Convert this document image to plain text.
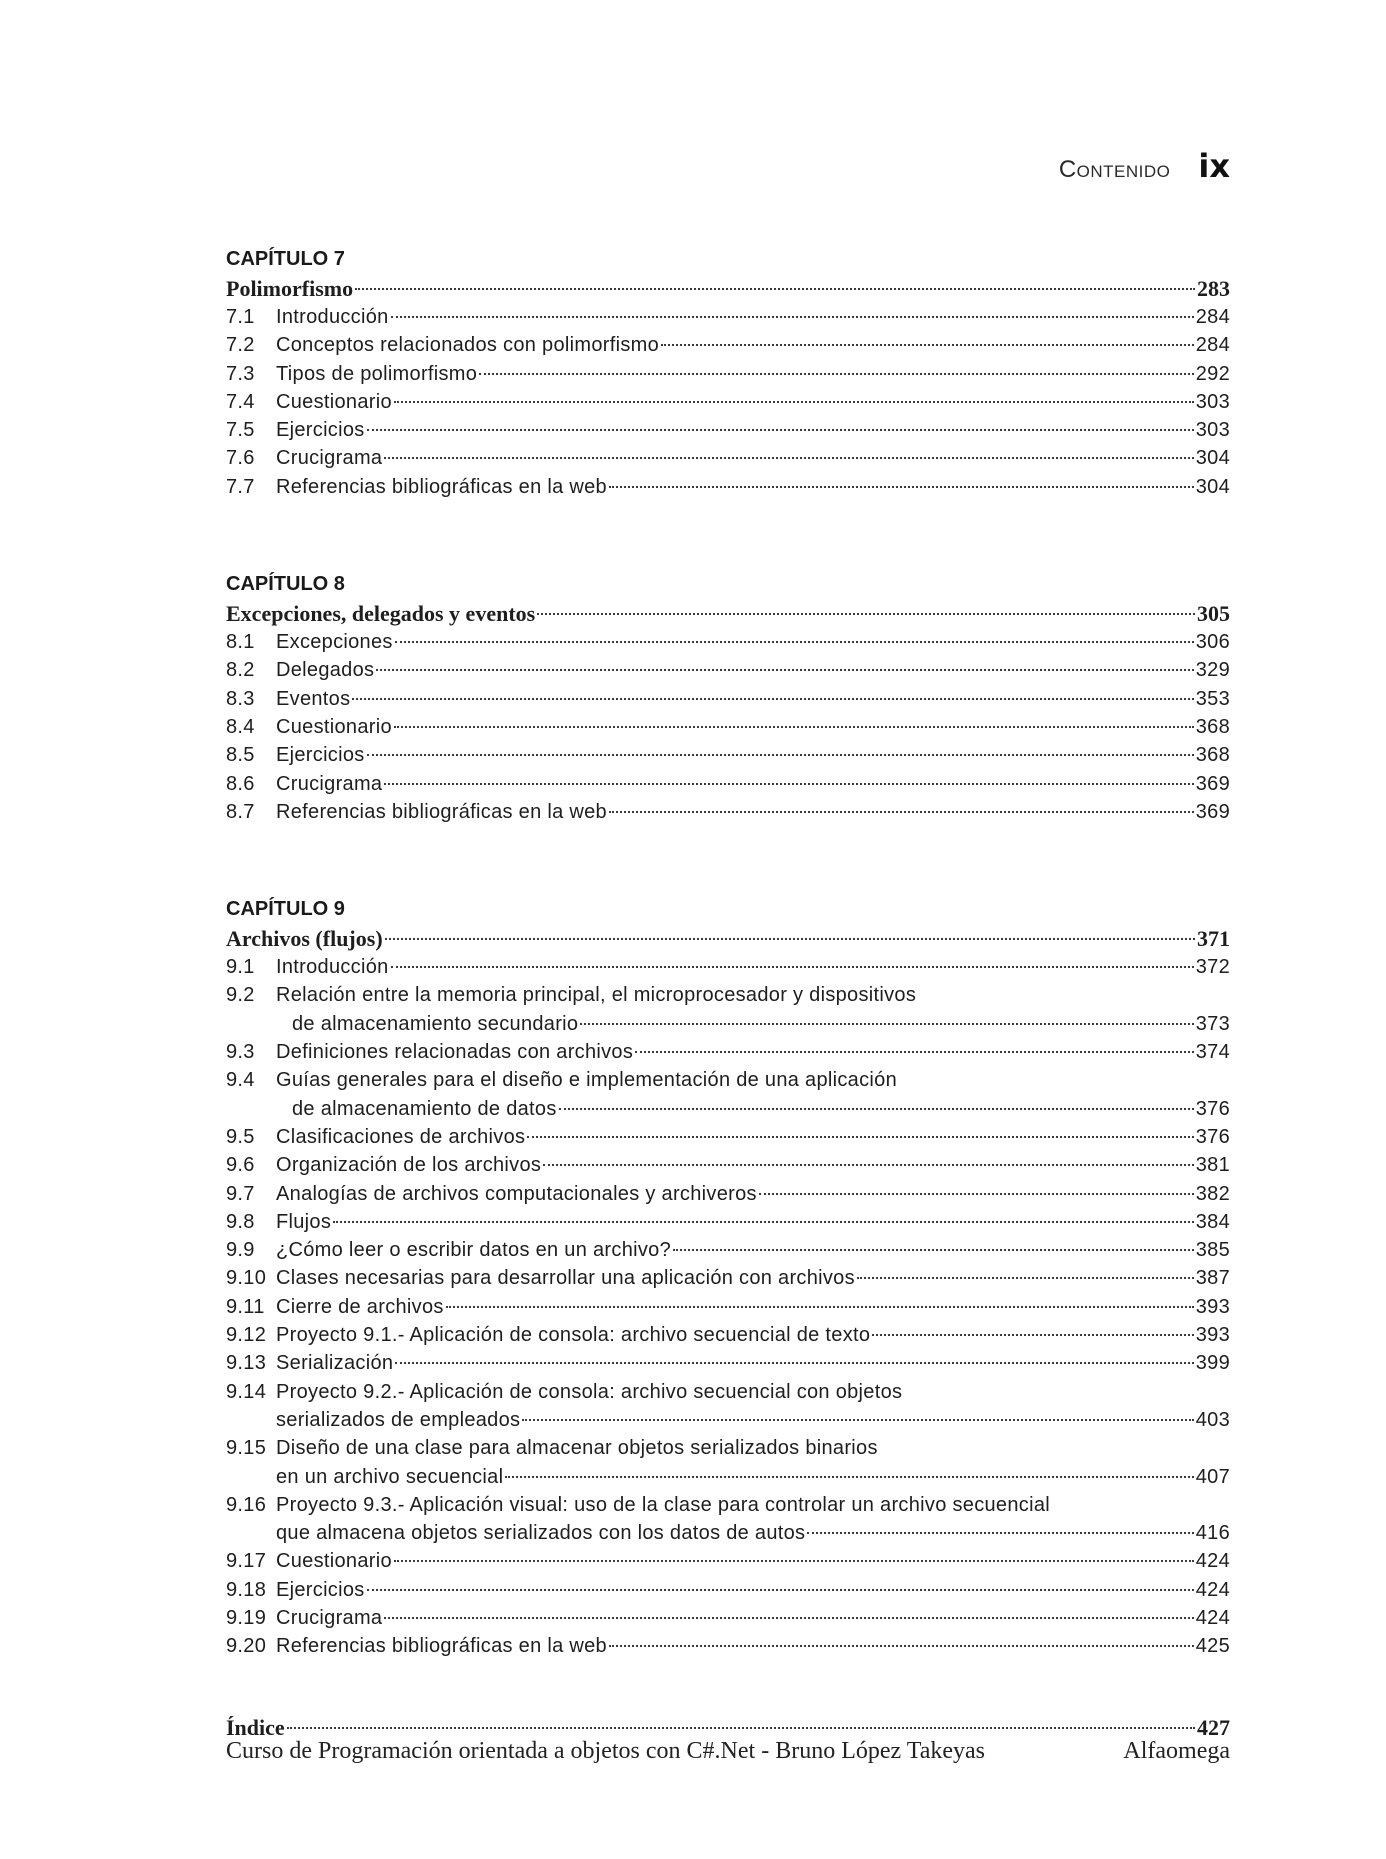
Contenido ix
CAPÍTULO 7
Polimorfismo	283
7.1	Introducción	284
7.2	Conceptos relacionados con polimorfismo	284
7.3	Tipos de polimorfismo	292
7.4	Cuestionario	303
7.5	Ejercicios	303
7.6	Crucigrama	304
7.7	Referencias bibliográficas en la web	304
CAPÍTULO 8
Excepciones, delegados y eventos	305
8.1	Excepciones	306
8.2	Delegados	329
8.3	Eventos	353
8.4	Cuestionario	368
8.5	Ejercicios	368
8.6	Crucigrama	369
8.7	Referencias bibliográficas en la web	369
CAPÍTULO 9
Archivos (flujos)	371
9.1	Introducción	372
9.2	Relación entre la memoria principal, el microprocesador y dispositivos
de almacenamiento secundario	373
9.3	Definiciones relacionadas con archivos	374
9.4	Guías generales para el diseño e implementación de una aplicación
de almacenamiento de datos	376
9.5	Clasificaciones de archivos	376
9.6	Organización de los archivos	381
9.7	Analogías de archivos computacionales y archiveros	382
9.8	Flujos	384
9.9	¿Cómo leer o escribir datos en un archivo?	385
9.10 Clases necesarias para desarrollar una aplicación con archivos	387
9.11 Cierre de archivos	393
9.12 Proyecto 9.1.- Aplicación de consola: archivo secuencial de texto	393
9.13 Serialización	399
9.14 Proyecto 9.2.- Aplicación de consola: archivo secuencial con objetos
serializados de empleados	403
9.15 Diseño de una clase para almacenar objetos serializados binarios
en un archivo secuencial	407
9.16 Proyecto 9.3.- Aplicación visual: uso de la clase para controlar un archivo secuencial
que almacena objetos serializados con los datos de autos	416
9.17 Cuestionario	424
9.18 Ejercicios	424
9.19 Crucigrama	424
9.20 Referencias bibliográficas en la web	425
Índice	427
Curso de Programación orientada a objetos con C#.Net - Bruno López Takeyas	Alfaomega
